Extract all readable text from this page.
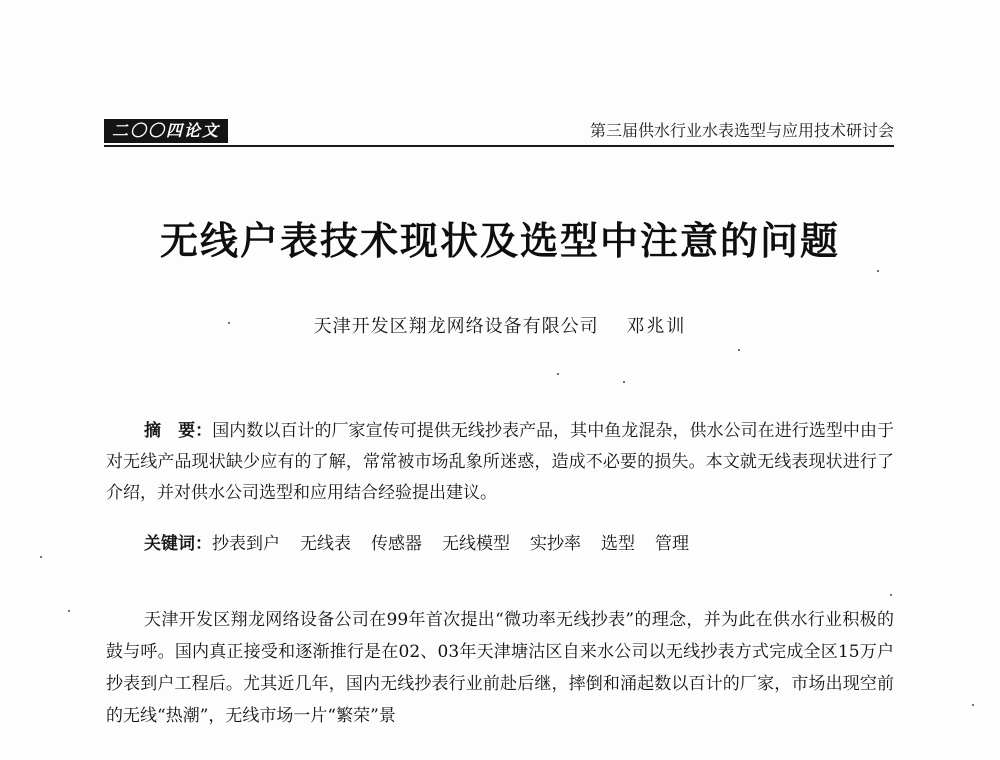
二〇〇四论文	第三届供水行业水表选型与应用技术研讨会
无线户表技术现状及选型中注意的问题
天津开发区翔龙网络设备有限公司 邓兆训
摘　要：国内数以百计的厂家宣传可提供无线抄表产品，其中鱼龙混杂，供水公司在进行选型中由于对无线产品现状缺少应有的了解，常常被市场乱象所迷惑，造成不必要的损失。本文就无线表现状进行了介绍，并对供水公司选型和应用结合经验提出建议。
关键词：抄表到户 无线表 传感器 无线模型 实抄率 选型 管理
天津开发区翔龙网络设备公司在99年首次提出“微功率无线抄表”的理念，并为此在供水行业积极的鼓与呼。国内真正接受和逐渐推行是在02、03年天津塘沽区自来水公司以无线抄表方式完成全区15万户抄表到户工程后。尤其近几年，国内无线抄表行业前赴后继，摔倒和涌起数以百计的厂家，市场出现空前的无线“热潮”，无线市场一片“繁荣”景
